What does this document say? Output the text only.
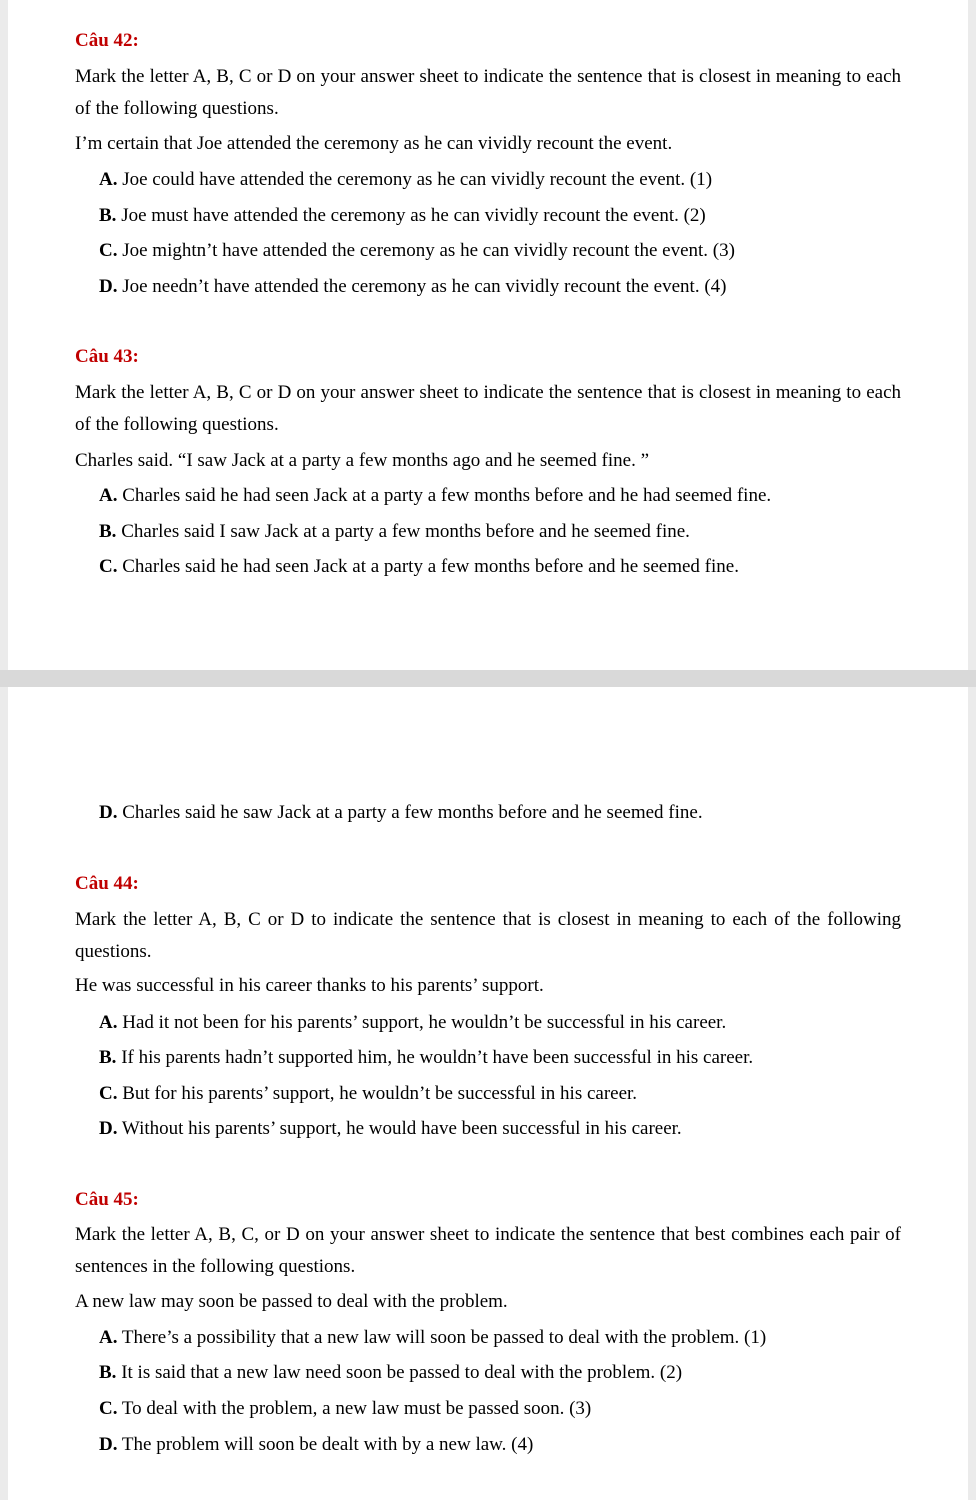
Câu 42:
Mark the letter A, B, C or D on your answer sheet to indicate the sentence that is closest in meaning to each of the following questions.
I’m certain that Joe attended the ceremony as he can vividly recount the event.
A. Joe could have attended the ceremony as he can vividly recount the event. (1)
B. Joe must have attended the ceremony as he can vividly recount the event. (2)
C. Joe mightn’t have attended the ceremony as he can vividly recount the event. (3)
D. Joe needn’t have attended the ceremony as he can vividly recount the event. (4)
Câu 43:
Mark the letter A, B, C or D on your answer sheet to indicate the sentence that is closest in meaning to each of the following questions.
Charles said. “I saw Jack at a party a few months ago and he seemed fine. ”
A. Charles said he had seen Jack at a party a few months before and he had seemed fine.
B. Charles said I saw Jack at a party a few months before and he seemed fine.
C. Charles said he had seen Jack at a party a few months before and he seemed fine.
D. Charles said he saw Jack at a party a few months before and he seemed fine.
Câu 44:
Mark the letter A, B, C or D to indicate the sentence that is closest in meaning to each of the following questions.
He was successful in his career thanks to his parents’ support.
A. Had it not been for his parents’ support, he wouldn’t be successful in his career.
B. If his parents hadn’t supported him, he wouldn’t have been successful in his career.
C. But for his parents’ support, he wouldn’t be successful in his career.
D. Without his parents’ support, he would have been successful in his career.
Câu 45:
Mark the letter A, B, C, or D on your answer sheet to indicate the sentence that best combines each pair of sentences in the following questions.
A new law may soon be passed to deal with the problem.
A. There’s a possibility that a new law will soon be passed to deal with the problem. (1)
B. It is said that a new law need soon be passed to deal with the problem. (2)
C. To deal with the problem, a new law must be passed soon. (3)
D. The problem will soon be dealt with by a new law. (4)
